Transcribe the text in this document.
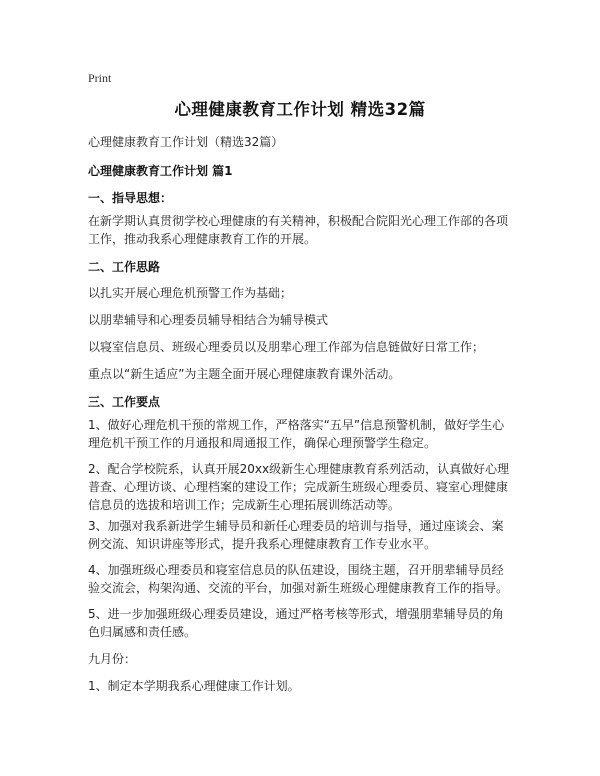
Print
心理健康教育工作计划 精选32篇
心理健康教育工作计划（精选32篇）
心理健康教育工作计划 篇1
一、指导思想：
在新学期认真贯彻学校心理健康的有关精神，积极配合院阳光心理工作部的各项工作，推动我系心理健康教育工作的开展。
二、工作思路
以扎实开展心理危机预警工作为基础；
以朋辈辅导和心理委员辅导相结合为辅导模式
以寝室信息员、班级心理委员以及朋辈心理工作部为信息链做好日常工作；
重点以“新生适应”为主题全面开展心理健康教育课外活动。
三、工作要点
1、做好心理危机干预的常规工作，严格落实“五早”信息预警机制，做好学生心理危机干预工作的月通报和周通报工作，确保心理预警学生稳定。
2、配合学校院系，认真开展20xx级新生心理健康教育系列活动，认真做好心理普查、心理访谈、心理档案的建设工作；完成新生班级心理委员、寝室心理健康信息员的选拔和培训工作；完成新生心理拓展训练活动等。
3、加强对我系新进学生辅导员和新任心理委员的培训与指导，通过座谈会、案例交流、知识讲座等形式，提升我系心理健康教育工作专业水平。
4、加强班级心理委员和寝室信息员的队伍建设，围绕主题，召开朋辈辅导员经验交流会，构架沟通、交流的平台，加强对新生班级心理健康教育工作的指导。
5、进一步加强班级心理委员建设，通过严格考核等形式，增强朋辈辅导员的角色归属感和责任感。
九月份：
1、制定本学期我系心理健康工作计划。
